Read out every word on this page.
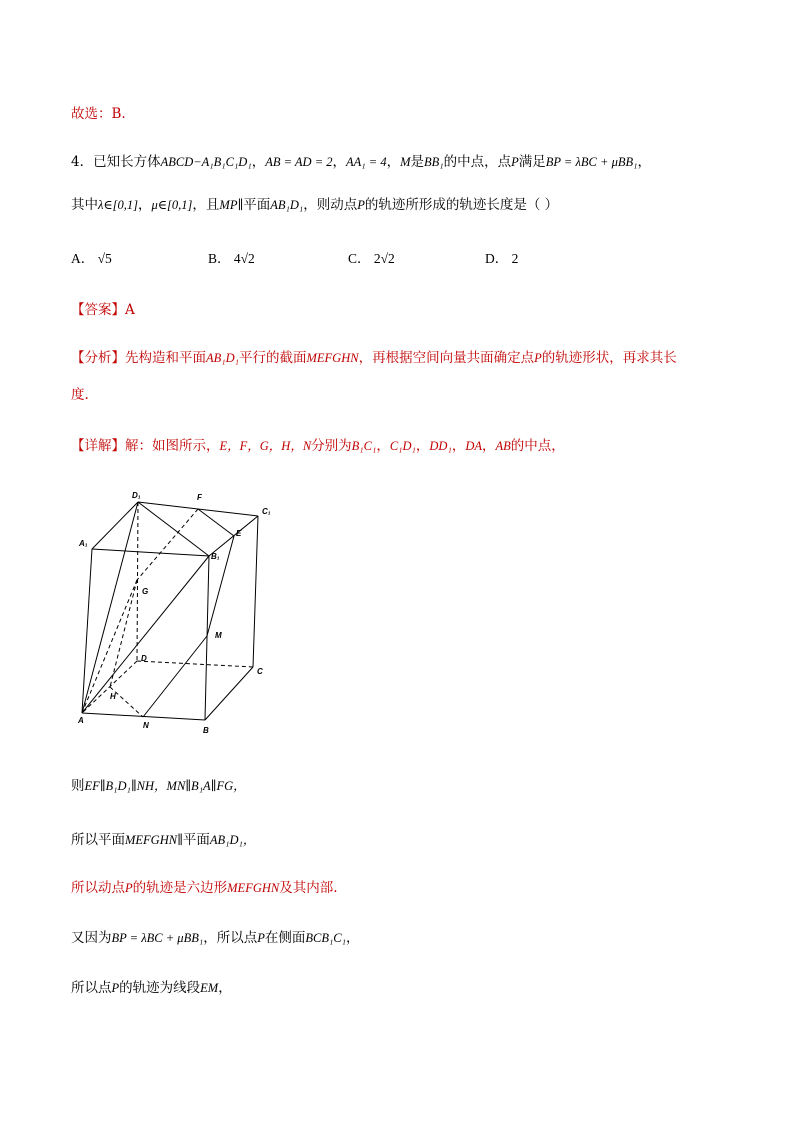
故选：B.
4．已知长方体ABCD−A₁B₁C₁D₁，AB = AD = 2，AA₁ = 4，M是BB₁的中点，点P满足BP = λBC + μBB₁，
其中λ∈[0,1]，μ∈[0,1]，且MP∥平面AB₁D₁，则动点P的轨迹所形成的轨迹长度是（ ）
A． √5	B． 4√2	C． 2√2	D． 2
【答案】A
【分析】先构造和平面AB₁D₁平行的截面MEFGHN，再根据空间向量共面确定点P的轨迹形状，再求其长
度.
【详解】解：如图所示，E，F，G，H，N分别为B₁C₁，C₁D₁，DD₁，DA，AB的中点，
D₁	F
C₁
A₁
E
B₁
G
M
D
C
H
A
N
B
则EF∥B₁D₁∥NH，MN∥B₁A∥FG，
所以平面MEFGHN∥平面AB₁D₁，
所以动点P的轨迹是六边形MEFGHN及其内部.
又因为BP = λBC + μBB₁，所以点P在侧面BCB₁C₁，
所以点P的轨迹为线段EM，
